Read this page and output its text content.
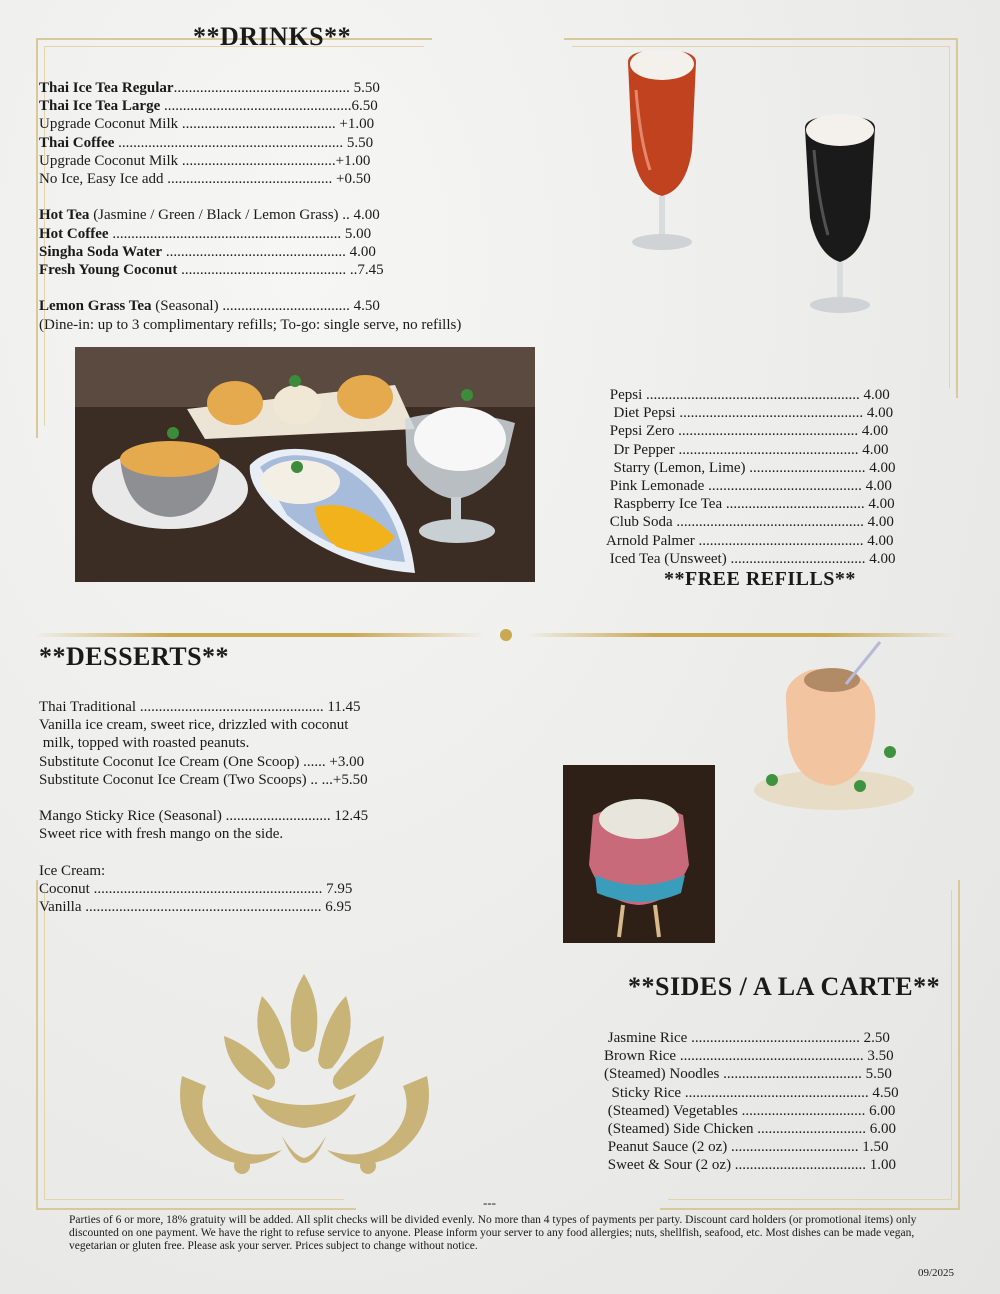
**DRINKS**
Thai Ice Tea Regular............................................... 5.50
Thai Ice Tea Large ..................................................6.50
Upgrade Coconut Milk ......................................... +1.00
Thai Coffee ............................................................ 5.50
Upgrade Coconut Milk .........................................+1.00
No Ice, Easy Ice add ............................................ +0.50

Hot Tea (Jasmine / Green / Black / Lemon Grass) .. 4.00
Hot Coffee ............................................................. 5.00
Singha Soda Water ................................................ 4.00
Fresh Young Coconut ............................................ ..7.45

Lemon Grass Tea (Seasonal) .................................. 4.50
(Dine-in: up to 3 complimentary refills; To-go: single serve, no refills)
Pepsi ......................................................... 4.00
Diet Pepsi ................................................. 4.00
Pepsi Zero ................................................ 4.00
Dr Pepper ................................................ 4.00
Starry (Lemon, Lime) ............................... 4.00
Pink Lemonade ......................................... 4.00
Raspberry Ice Tea ..................................... 4.00
Club Soda .................................................. 4.00
Arnold Palmer ............................................ 4.00
Iced Tea (Unsweet) .................................... 4.00
**FREE REFILLS**
**DESSERTS**
Thai Traditional ................................................. 11.45
Vanilla ice cream, sweet rice, drizzled with coconut
milk, topped with roasted peanuts.
Substitute Coconut Ice Cream (One Scoop) ...... +3.00
Substitute Coconut Ice Cream (Two Scoops) .. ...+5.50

Mango Sticky Rice (Seasonal) ............................ 12.45
Sweet rice with fresh mango on the side.

Ice Cream:
Coconut ............................................................. 7.95
Vanilla ............................................................... 6.95
**SIDES / A LA CARTE**
Jasmine Rice ............................................. 2.50
Brown Rice ................................................. 3.50
(Steamed) Noodles ..................................... 5.50
Sticky Rice ................................................. 4.50
(Steamed) Vegetables ................................. 6.00
(Steamed) Side Chicken ............................. 6.00
Peanut Sauce (2 oz) .................................. 1.50
Sweet & Sour (2 oz) ................................... 1.00
---
Parties of 6 or more, 18% gratuity will be added. All split checks will be divided evenly. No more than 4 types of payments per party. Discount card holders (or promotional items) only discounted on one payment. We have the right to refuse service to anyone. Please inform your server to any food allergies; nuts, shellfish, seafood, etc. Most dishes can be made vegan, vegetarian or gluten free. Please ask your server. Prices subject to change without notice.
09/2025
